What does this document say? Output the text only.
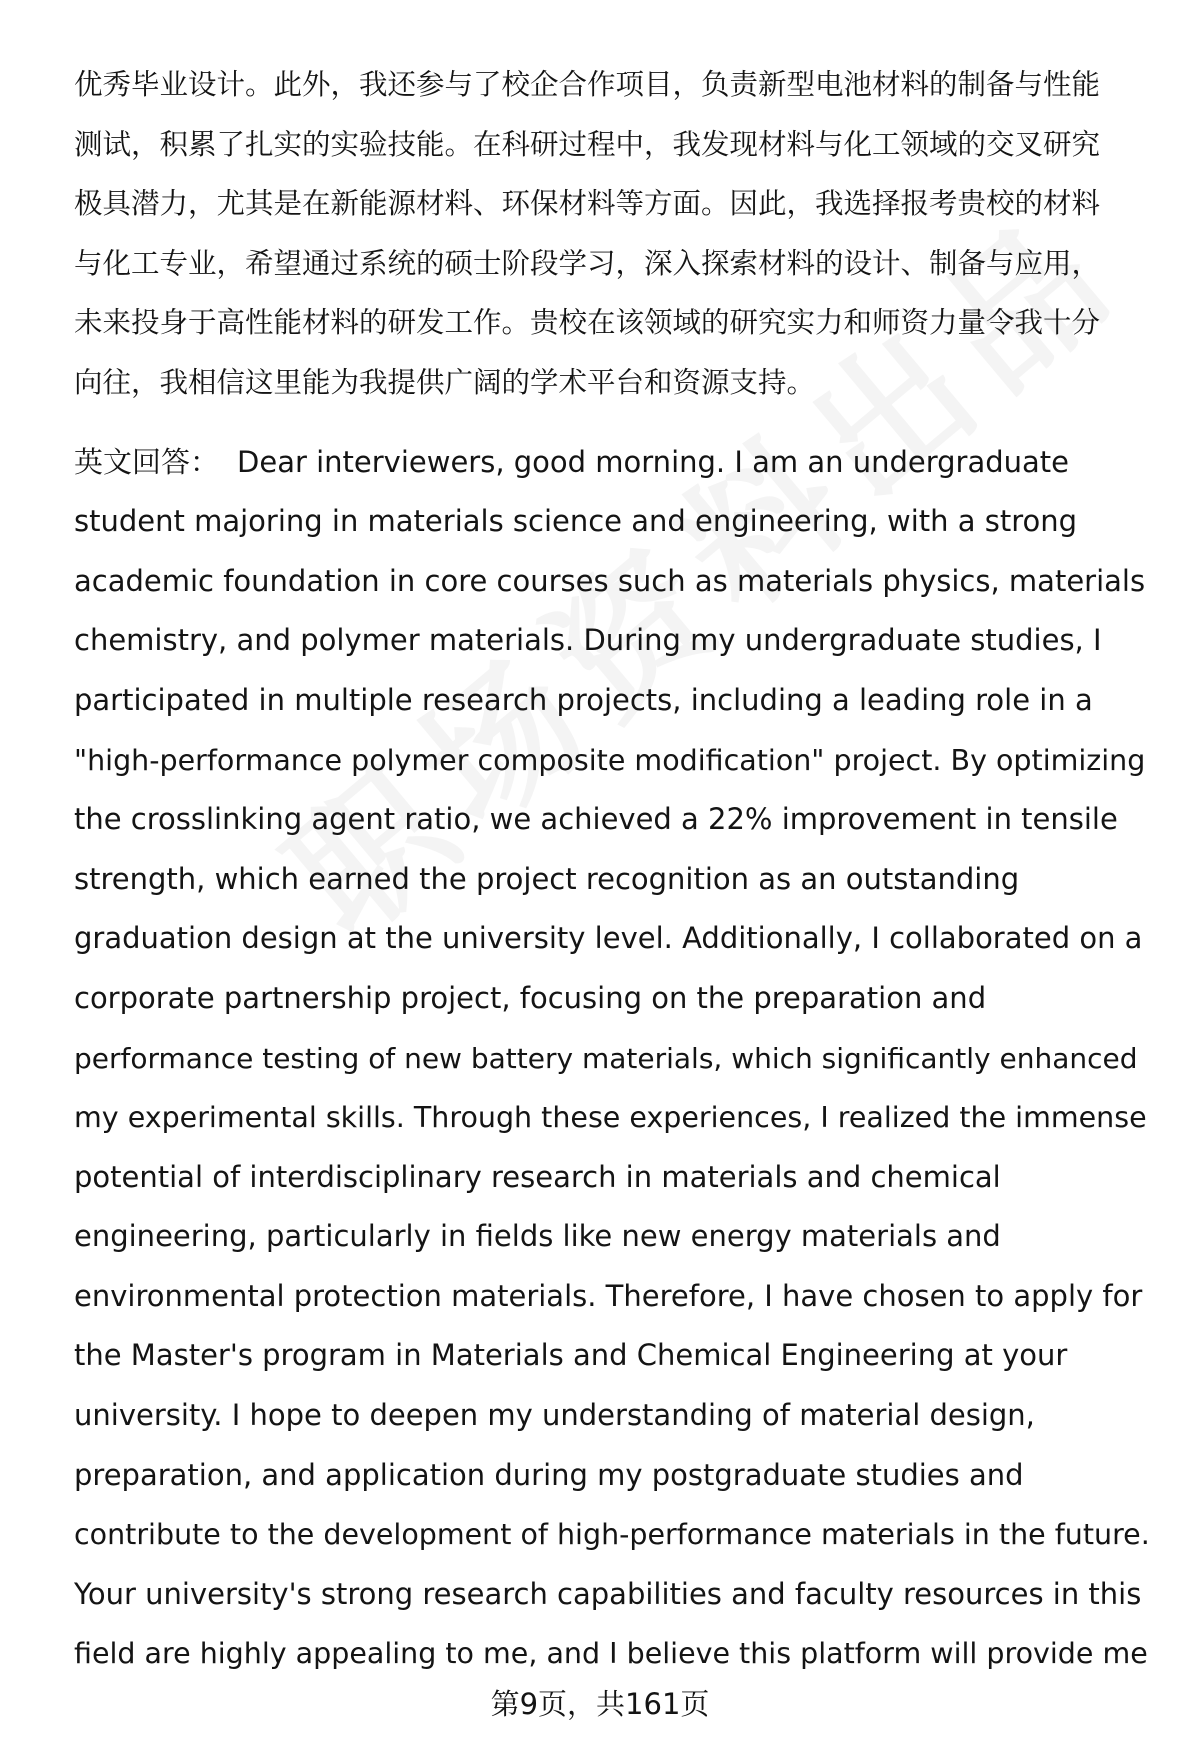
优秀毕业设计。此外，我还参与了校企合作项目，负责新型电池材料的制备与性能

测试，积累了扎实的实验技能。在科研过程中，我发现材料与化工领域的交叉研究

极具潜力，尤其是在新能源材料、环保材料等方面。因此，我选择报考贵校的材料

与化工专业，希望通过系统的硕士阶段学习，深入探索材料的设计、制备与应用，

未来投身于高性能材料的研发工作。贵校在该领域的研究实力和师资力量令我十分

向往，我相信这里能为我提供广阔的学术平台和资源支持。

英文回答： Dear interviewers, good morning. I am an undergraduate

student majoring in materials science and engineering, with a strong

academic foundation in core courses such as materials physics, materials

chemistry, and polymer materials. During my undergraduate studies, I

participated in multiple research projects, including a leading role in a

"high-performance polymer composite modification" project. By optimizing

the crosslinking agent ratio, we achieved a 22% improvement in tensile

strength, which earned the project recognition as an outstanding

graduation design at the university level. Additionally, I collaborated on a

corporate partnership project, focusing on the preparation and

performance testing of new battery materials, which significantly enhanced

my experimental skills. Through these experiences, I realized the immense

potential of interdisciplinary research in materials and chemical

engineering, particularly in fields like new energy materials and

environmental protection materials. Therefore, I have chosen to apply for

the Master's program in Materials and Chemical Engineering at your

university. I hope to deepen my understanding of material design,

preparation, and application during my postgraduate studies and

contribute to the development of high-performance materials in the future.

Your university's strong research capabilities and faculty resources in this

field are highly appealing to me, and I believe this platform will provide me

第9页，共161页
